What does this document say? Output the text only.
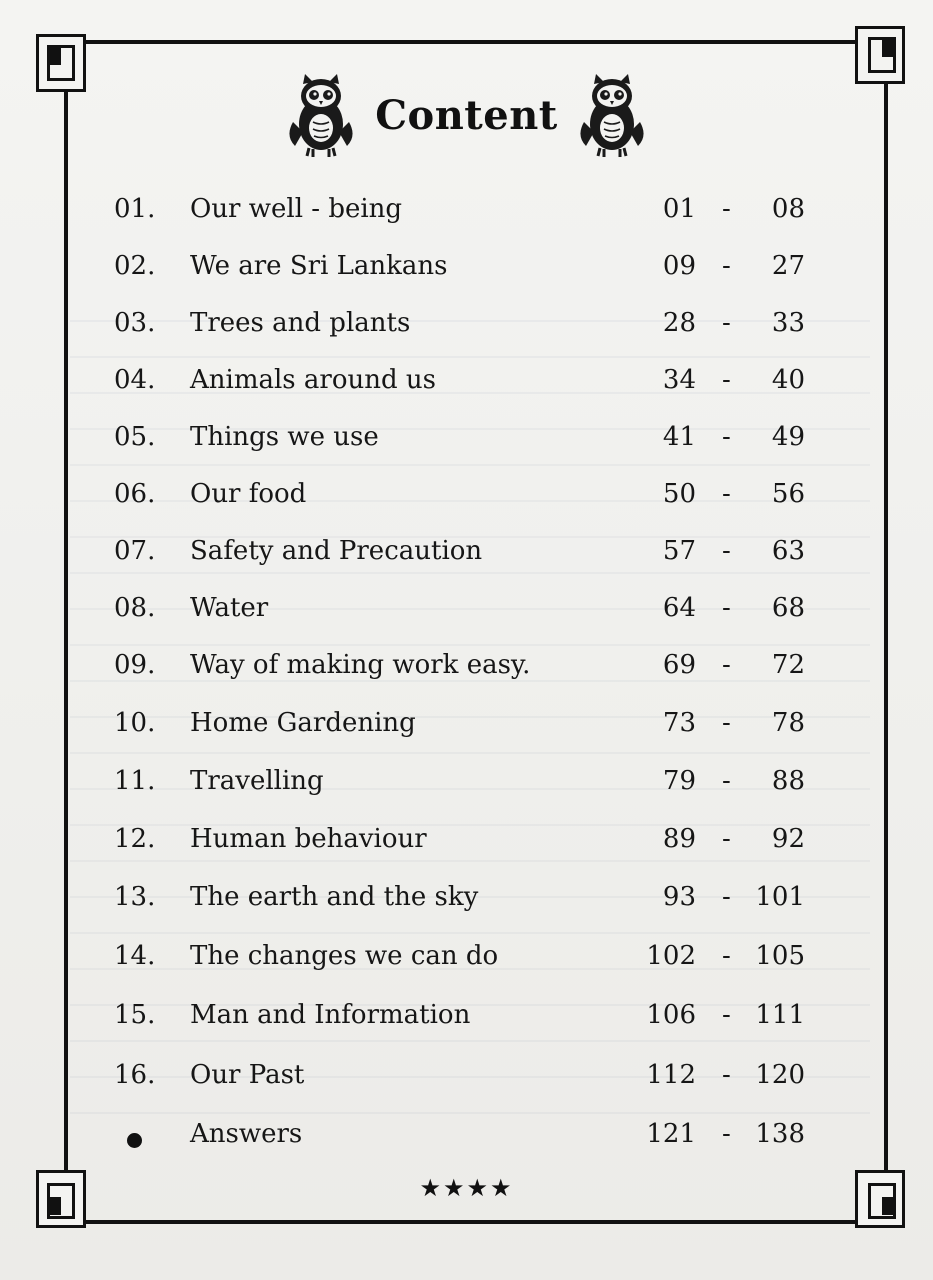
Content
01. Our well - being	01 - 08
02. We are Sri Lankans	09 - 27
03. Trees and plants	28 - 33
04. Animals around us	34 - 40
05. Things we use	41 - 49
06. Our food	50 - 56
07. Safety and Precaution	57 - 63
08. Water	64 - 68
09. Way of making work easy.	69 - 72
10. Home Gardening	73 - 78
11. Travelling	79 - 88
12. Human behaviour	89 - 92
13. The earth and the sky	93 - 101
14. The changes we can do	102 - 105
15. Man and Information	106 - 111
16. Our Past	112 - 120
Answers	121 - 138
★★★★
